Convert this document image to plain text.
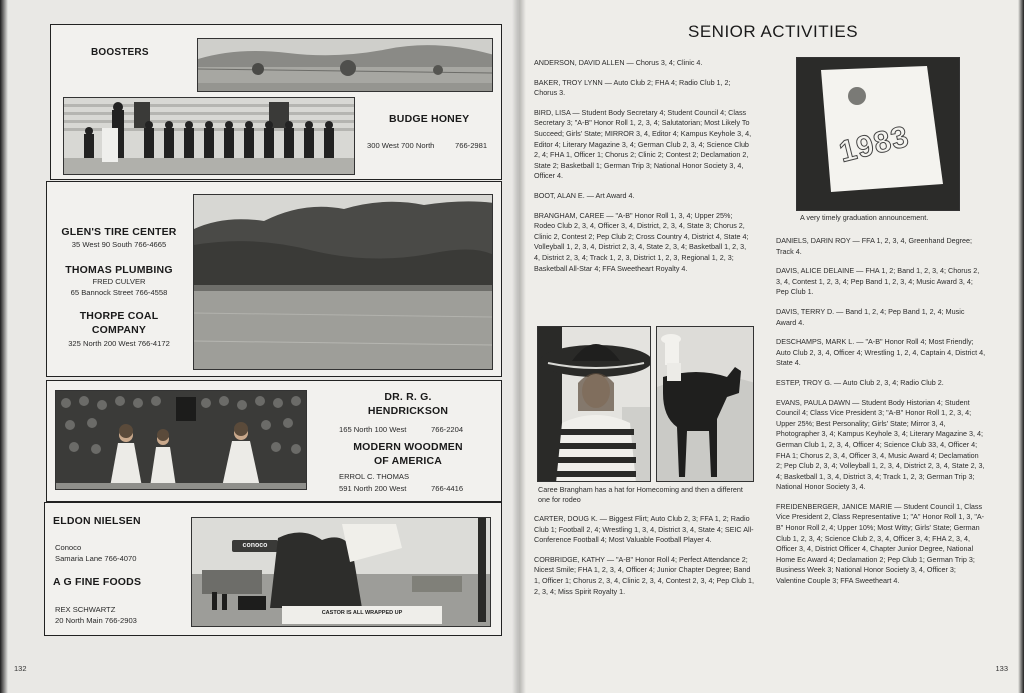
BOOSTERS
BUDGE HONEY
300 West 700 North	766-2981
GLEN'S TIRE CENTER
35 West 90 South 766-4665
THOMAS PLUMBING
FRED CULVER
65 Bannock Street 766-4558
THORPE COAL
COMPANY
325 North 200 West 766-4172
DR. R. G.
HENDRICKSON
165 North 100 West	766-2204
MODERN WOODMEN
OF AMERICA
ERROL C. THOMAS
591 North 200 West	766-4416
ELDON NIELSEN
Conoco
Samaria Lane 766-4070
A G FINE FOODS
REX SCHWARTZ
20 North Main 766-2903
conoco
CASTOR IS ALL WRAPPED UP
132	133
SENIOR ACTIVITIES

ANDERSON, DAVID ALLEN — Chorus 3, 4; Clinic 4.

BAKER, TROY LYNN — Auto Club 2; FHA 4; Radio Club 1, 2; Chorus 3.

BIRD, LISA — Student Body Secretary 4; Student Council 4; Class Secretary 3; "A-B" Honor Roll 1, 2, 3, 4; Salutatorian; Most Likely To Succeed; Girls' State; MIRROR 3, 4, Editor 4; Kampus Keyhole 3, 4, Editor 4; Literary Magazine 3, 4; German Club 2, 3, 4; Science Club 2, 4; FHA 1, Officer 1; Chorus 2; Clinic 2; Contest 2; Declamation 2, State 2; Basketball 1; German Trip 3; National Honor Society 3, 4, Officer 4.

BOOT, ALAN E. — Art Award 4.

BRANGHAM, CAREE — "A-B" Honor Roll 1, 3, 4; Upper 25%; Rodeo Club 2, 3, 4, Officer 3, 4, District, 2, 3, 4, State 3; Chorus 2, Clinic 2, Contest 2; Pep Club 2; Cross Country 4, District 4, State 4; Volleyball 1, 2, 3, 4, District 2, 3, 4, State 2, 3, 4; Basketball 1, 2, 3, 4, District 2, 3, 4; Track 1, 2, 3, District 1, 2, 3, Regional 1, 2, 3; Basketball All-Star 4; FFA Sweetheart Royalty 4.

1983
A very timely graduation announcement.
Caree Brangham has a hat for Homecoming and then a different one for rodeo

CARTER, DOUG K. — Biggest Flirt; Auto Club 2, 3; FFA 1, 2; Radio Club 1; Football 2, 4; Wrestling 1, 3, 4, District 3, 4, State 4; SEIC All-Conference Football 4; Most Valuable Football Player 4.

CORBRIDGE, KATHY — "A-B" Honor Roll 4; Perfect Attendance 2; Nicest Smile; FHA 1, 2, 3, 4, Officer 4; Junior Chapter Degree; Band 1, Officer 1; Chorus 2, 3, 4, Clinic 2, 3, 4, Contest 2, 3, 4; Pep Club 1, 2, 3, 4; Miss Spirit Royalty 1.

DANIELS, DARIN ROY — FFA 1, 2, 3, 4, Greenhand Degree; Track 4.

DAVIS, ALICE DELAINE — FHA 1, 2; Band 1, 2, 3, 4; Chorus 2, 3, 4, Contest 1, 2, 3, 4; Pep Band 1, 2, 3, 4; Music Award 3, 4; Pep Club 1.

DAVIS, TERRY D. — Band 1, 2, 4; Pep Band 1, 2, 4; Music Award 4.

DESCHAMPS, MARK L. — "A-B" Honor Roll 4; Most Friendly; Auto Club 2, 3, 4, Officer 4; Wrestling 1, 2, 4, Captain 4, District 4, State 4.

ESTEP, TROY G. — Auto Club 2, 3, 4; Radio Club 2.

EVANS, PAULA DAWN — Student Body Historian 4; Student Council 4; Class Vice President 3; "A-B" Honor Roll 1, 2, 3, 4; Upper 25%; Best Personality; Girls' State; Mirror 3, 4, Photographer 3, 4; Kampus Keyhole 3, 4; Literary Magazine 3, 4; German Club 1, 2, 3, 4, Officer 4; Science Club 33, 4, Officer 4; FHA 1; Chorus 2, 3, 4, Officer 3, 4, Music Award 4; Declamation 2; Pep Club 2, 3, 4; Volleyball 1, 2, 3, 4, District 2, 3, 4, State 2, 3, 4; Basketball 1, 3, 4, District 3, 4; Track 1, 2, 3; German Trip 3; National Honor Society 3, 4.

FREIDENBERGER, JANICE MARIE — Student Council 1, Class Vice President 2, Class Representative 1; "A" Honor Roll 1, 3, "A-B" Honor Roll 2, 4; Upper 10%; Most Witty; Girls' State; German Club 1, 2, 3, 4; Science Club 2, 3, 4, Officer 3, 4; FHA 2, 3, 4, Officer 3, 4, District Officer 4, Chapter Junior Degree, National Home Ec Award 4; Declamation 2; Pep Club 1; German Trip 3; Business Week 3; National Honor Society 3, 4, Officer 3; Valentine Couple 3; FFA Sweetheart 4.
